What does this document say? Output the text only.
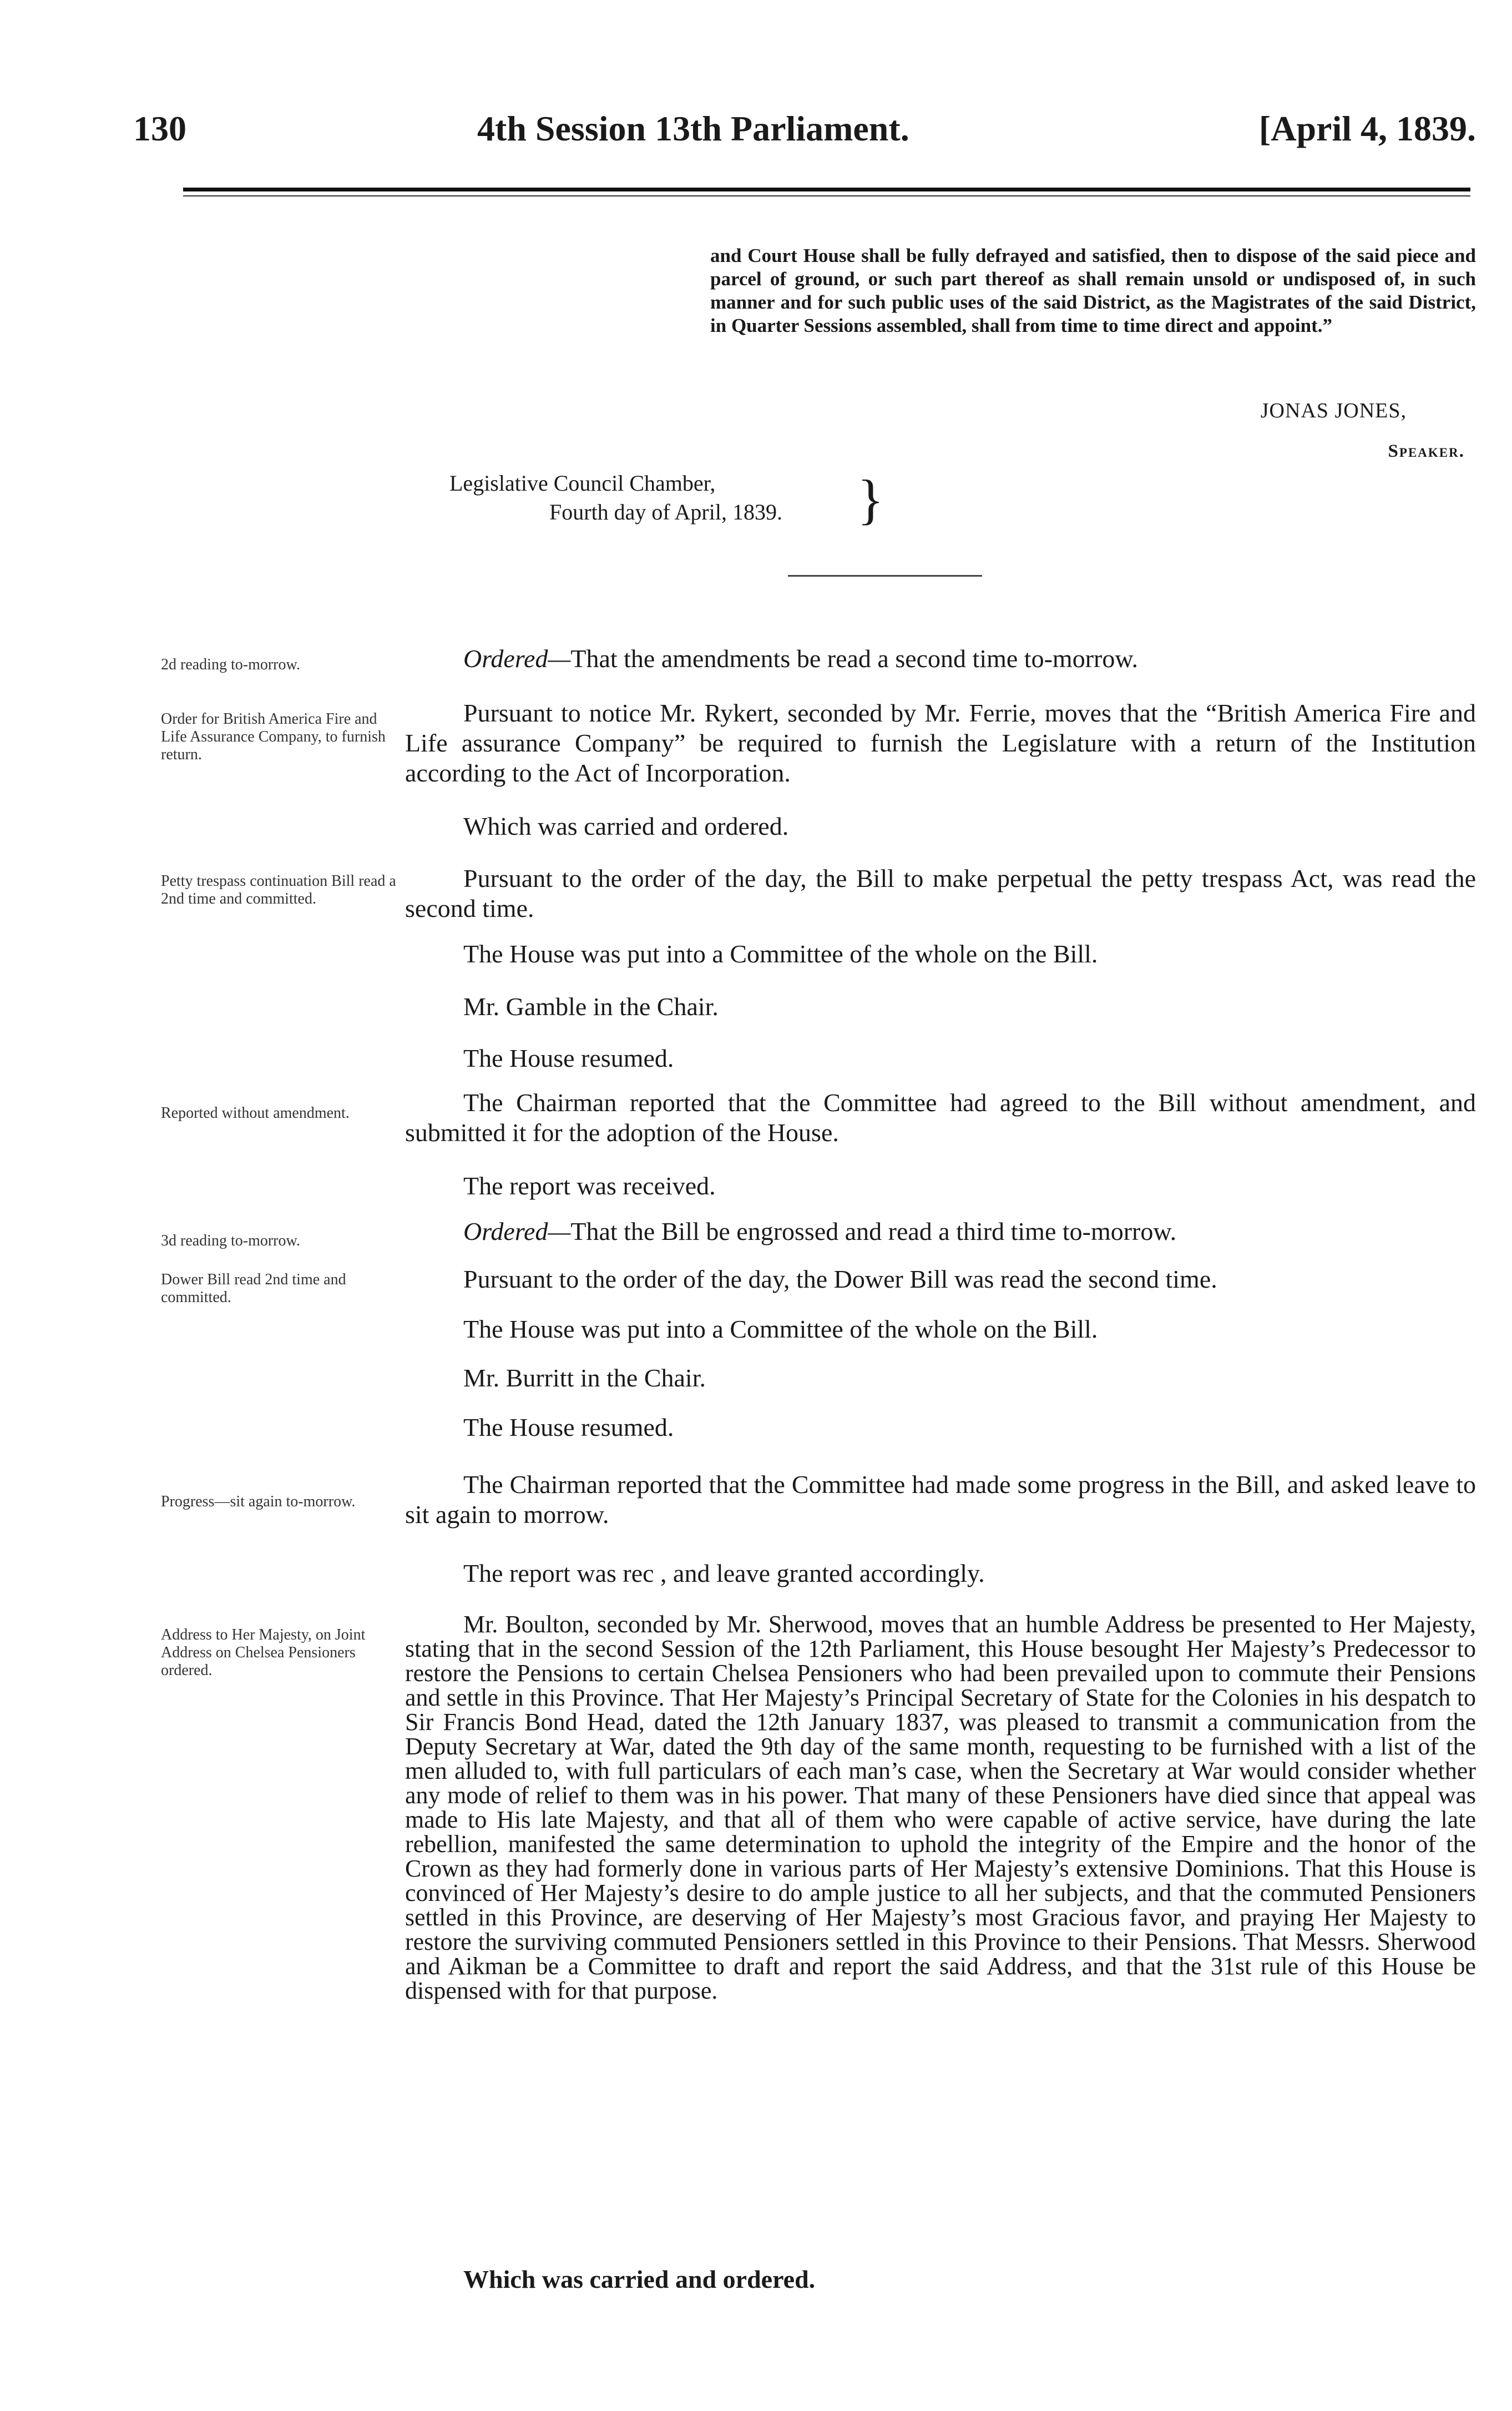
130	4th Session 13th Parliament.	[April 4, 1839.
and Court House shall be fully defrayed and satisfied, then to dispose of the said piece and parcel of ground, or such part thereof as shall remain unsold or undisposed of, in such manner and for such public uses of the said District, as the Magistrates of the said District, in Quarter Sessions assembled, shall from time to time direct and appoint.”
JONAS JONES,
Speaker.
Legislative Council Chamber,
Fourth day of April, 1839. }
2d reading to-morrow.	Ordered—That the amendments be read a second time to-morrow.
Order for British America Fire and Life Assurance Company, to furnish return.
Pursuant to notice Mr. Rykert, seconded by Mr. Ferrie, moves that the “British America Fire and Life assurance Company” be required to furnish the Legislature with a return of the Institution according to the Act of Incorporation.
Which was carried and ordered.
Petty trespass continuation Bill read a 2nd time and committed.
Pursuant to the order of the day, the Bill to make perpetual the petty trespass Act, was read the second time.
The House was put into a Committee of the whole on the Bill.
Mr. Gamble in the Chair.
The House resumed.
Reported without amendment.	The Chairman reported that the Committee had agreed to the Bill without amendment, and submitted it for the adoption of the House.
The report was received.
3d reading to-morrow.	Ordered—That the Bill be engrossed and read a third time to-morrow.
Dower Bill read 2nd time and committed.
Pursuant to the order of the day, the Dower Bill was read the second time.
The House was put into a Committee of the whole on the Bill.
Mr. Burritt in the Chair.
The House resumed.
Progress—sit again to-morrow.
The Chairman reported that the Committee had made some progress in the Bill, and asked leave to sit again to morrow.
The report was rec , and leave granted accordingly.
Address to Her Majesty, on Joint Address on Chelsea Pensioners ordered.
Mr. Boulton, seconded by Mr. Sherwood, moves that an humble Address be presented to Her Majesty, stating that in the second Session of the 12th Parliament, this House besought Her Majesty’s Predecessor to restore the Pensions to certain Chelsea Pensioners who had been prevailed upon to commute their Pensions and settle in this Province. That Her Majesty’s Principal Secretary of State for the Colonies in his despatch to Sir Francis Bond Head, dated the 12th January 1837, was pleased to transmit a communication from the Deputy Secretary at War, dated the 9th day of the same month, requesting to be furnished with a list of the men alluded to, with full particulars of each man’s case, when the Secretary at War would consider whether any mode of relief to them was in his power. That many of these Pensioners have died since that appeal was made to His late Majesty, and that all of them who were capable of active service, have during the late rebellion, manifested the same determination to uphold the integrity of the Empire and the honor of the Crown as they had formerly done in various parts of Her Majesty’s extensive Dominions. That this House is convinced of Her Majesty’s desire to do ample justice to all her subjects, and that the commuted Pensioners settled in this Province, are deserving of Her Majesty’s most Gracious favor, and praying Her Majesty to restore the surviving commuted Pensioners settled in this Province to their Pensions. That Messrs. Sherwood and Aikman be a Committee to draft and report the said Address, and that the 31st rule of this House be dispensed with for that purpose.
Which was carried and ordered.
